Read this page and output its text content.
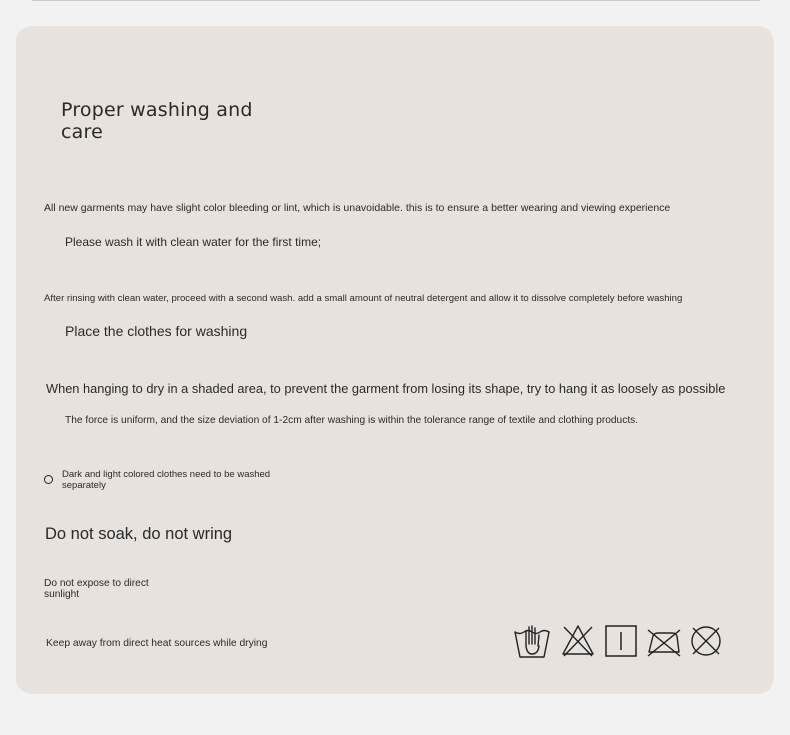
Proper washing and
care
All new garments may have slight color bleeding or lint, which is unavoidable. this is to ensure a better wearing and viewing experience
Please wash it with clean water for the first time;
After rinsing with clean water, proceed with a second wash. add a small amount of neutral detergent and allow it to dissolve completely before washing
Place the clothes for washing
When hanging to dry in a shaded area, to prevent the garment from losing its shape, try to hang it as loosely as possible
The force is uniform, and the size deviation of 1-2cm after washing is within the tolerance range of textile and clothing products.
Dark and light colored clothes need to be washed
separately
Do not soak, do not wring
Do not expose to direct
sunlight
Keep away from direct heat sources while drying
